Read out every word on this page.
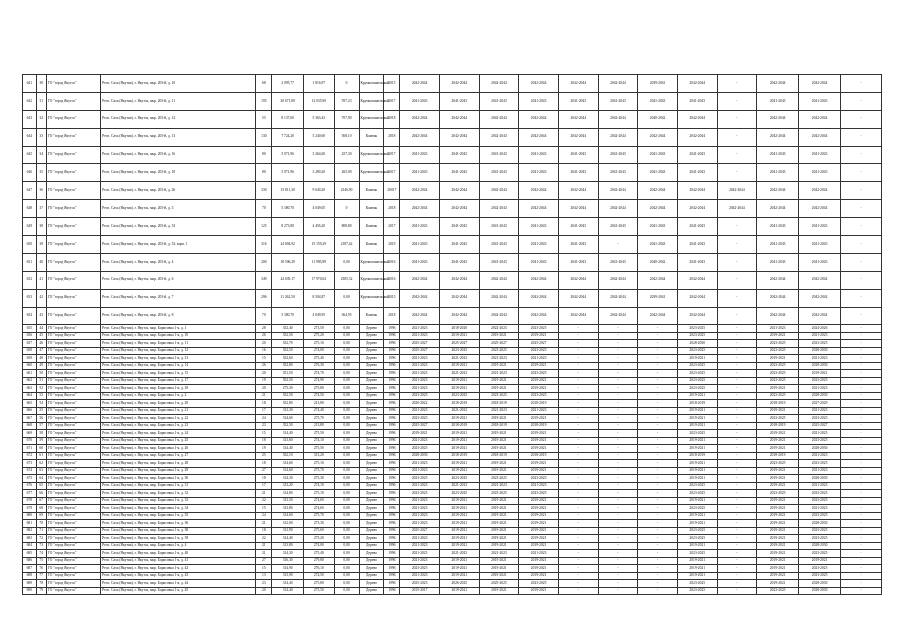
641	30	ГО "город Якутск"	Респ. Саха (Якутия), г. Якутск, мкр. 203-й, д. 10	68	2 095,77	1 816,97	0	Крупнопанельный	2015	2042-2044	2042-2044	2042-2044	2042-2044	2042-2044	2042-2044	2039-2041	2042-2044	-	2042-2044	2042-2044	-
642	31	ГО "город Якутск"	Респ. Саха (Якутия), г. Якутск, мкр. 203-й, д. 11	195	20 671,80	12 035,90	597,23	Крупнопанельный	2017	2041-2043	2041-2043	2041-2043	2041-2043	2041-2043	2041-2043	2041-2043	2041-2043	-	2041-2043	2041-2043	-
643	32	ГО "город Якутск"	Респ. Саха (Якутия), г. Якутск, мкр. 203-й, д. 12	55	8 137,60	5 363,43	707,90	Крупнопанельный	2018	2042-2044	2042-2044	2042-2044	2042-2044	2042-2044	2042-2044	2040-2042	2042-2044	-	2042-2044	2042-2044	-
644	33	ГО "город Якутск"	Респ. Саха (Якутия), г. Якутск, мкр. 203-й, д. 13	130	7 724,20	5 240,60	568,10	Камень	2018	2042-2044	2042-2044	2042-2044	2042-2044	2042-2044	2042-2044	2042-2044	2042-2044	-	2042-2044	2042-2044	-
645	34	ГО "город Якутск"	Респ. Саха (Якутия), г. Якутск, мкр. 203-й, д. 16	80	5 071,96	3 264,60	257,30	Крупнопанельный	2017	2041-2043	2041-2043	2041-2043	2041-2043	2041-2043	2041-2043	2041-2043	2041-2043	-	2041-2043	2041-2043	-
646	35	ГО "город Якутск"	Респ. Саха (Якутия), г. Якутск, мкр. 203-й, д. 18	80	5 071,96	3 280,20	265,00	Крупнопанельный	2017	2041-2043	2041-2043	2041-2043	2041-2043	2041-2043	2041-2043	2041-2043	2041-2043	-	2041-2043	2041-2043	-
647	36	ГО "город Якутск"	Респ. Саха (Якутия), г. Якутск, мкр. 203-й, д. 26	330	15 811,30	9 640,20	4146,90	Камень	20017	2042-2044	2042-2044	2042-2044	2042-2044	2042-2044	2042-2044	2042-2044	2042-2044	2042-2044	2042-2044	2042-2044	-
648	37	ГО "город Якутск"	Респ. Саха (Якутия), г. Якутск, мкр. 203-й, д. 3	70	5 380,70	4 049,05	0	Камень	2018	2042-2044	2042-2044	2042-2044	2042-2044	2042-2044	2042-2044	2042-2044	2042-2044	2042-2044	2042-2044	2042-2044	-
649	38	ГО "город Якутск"	Респ. Саха (Якутия), г. Якутск, мкр. 203-й, д. 33	125	8 273,80	4 456,20	808,80	Камень	2017	2041-2043	2041-2043	2041-2043	2041-2043	2041-2043	2041-2043	2041-2043	2041-2043	-	2041-2043	2041-2043	-
650	39	ГО "город Якутск"	Респ. Саха (Якутия), г. Якутск, мкр. 203-й, д. 33, корп. 1	316	24 694,92	15 159,29	2187,42	Камень	2019	2041-2043	2041-2043	2041-2043	2041-2043	2041-2043	-	2041-2043	2041-2043	-	2041-2043	2041-2043	-
651	40	ГО "город Якутск"	Респ. Саха (Якутия), г. Якутск, мкр. 203-й, д. 4	200	18 506,29	11 985,89	0,00	Крупнопанельный	2016	2041-2043	2041-2043	2041-2043	2041-2043	2041-2043	2041-2043	2040-2042	2041-2043	-	2041-2043	2041-2043	-
652	41	ГО "город Якутск"	Респ. Саха (Якутия), г. Якутск, мкр. 203-й, д. 6	349	24 639,17	17 970,04	2385,32	Крупнопанельный	2016	2042-2044	2042-2044	2042-2044	2042-2044	2042-2044	2042-2044	2042-2044	2042-2044	-	2042-2044	2042-2044	-
653	42	ГО "город Якутск"	Респ. Саха (Якутия), г. Якутск, мкр. 203-й, д. 7	296	11 262,50	8 504,87	0,00	Крупнопанельный	2015	2042-2044	2042-2044	2042-2044	2042-2044	2042-2044	2042-2044	2039-2041	2042-2044	-	2042-2044	2042-2044	-
654	43	ГО "город Якутск"	Респ. Саха (Якутия), г. Якутск, мкр. 203-й, д. 8	70	5 380,70	4 049,95	364,95	Камень	2018	2042-2044	2042-2044	2042-2044	2042-2044	2042-2044	2042-2044	2042-2044	2042-2044	-	2042-2044	2042-2044	-
655	44	ГО "город Якутск"	Респ. Саха (Якутия), г. Якутск, мкр. Борисовка 1-я, д. 1	28	352,40	273,50	0,00	Дерево	1996	2021-2023	2018-2020	2022-2023	2023-2025	-	-	-	2023-2025	-	2021-2023	2024-2026	-
656	45	ГО "город Якутск"	Респ. Саха (Якутия), г. Якутск, мкр. Борисовка 1-я, д. 10	26	352,50	275,20	0,00	Дерево	1996	2021-2023	2019-2021	2019-2021	2019-2021	-	-	-	2023-2025	-	2019-2021	2021-2023	-
657	46	ГО "город Якутск"	Респ. Саха (Якутия), г. Якутск, мкр. Борисовка 1-я, д. 11	20	352,70	275,10	0,00	Дерево	1996	2025-2027	2025-2027	2025-2027	2025-2027	-	-	-	2028-2030	-	2023-2025	2023-2025	-
658	47	ГО "город Якутск"	Респ. Саха (Якутия), г. Якутск, мкр. Борисовка 1-я, д. 12	16	352,50	274,00	0,00	Дерево	1996	2025-2027	2023-2025	2023-2025	2023-2025	-	-	-	2023-2025	-	2023-2025	2028-2030	-
659	48	ГО "город Якутск"	Респ. Саха (Якутия), г. Якутск, мкр. Борисовка 1-я, д. 13	15	352,60	275,40	0,00	Дерево	1996	2021-2023	2021-2023	2021-2023	2021-2023	-	-	-	2019-2021	-	2019-2021	2021-2023	-
660	49	ГО "город Якутск"	Респ. Саха (Якутия), г. Якутск, мкр. Борисовка 1-я, д. 14	26	352,80	276,30	0,00	Дерево	1996	2021-2023	2019-2021	2019-2021	2019-2021	-	-	-	2023-2025	-	2023-2025	2028-2030	-
661	50	ГО "город Якутск"	Респ. Саха (Якутия), г. Якутск, мкр. Борисовка 1-я, д. 15	20	351,50	274,70	0,00	Дерево	1996	2021-2023	2021-2023	2021-2023	2023-2025	-	-	-	2023-2025	-	2023-2025	2019-2021	-
662	51	ГО "город Якутск"	Респ. Саха (Якутия), г. Якутск, мкр. Борисовка 1-я, д. 17	19	352,50	274,90	0,00	Дерево	1996	2021-2023	2019-2021	2019-2021	2019-2021	-	-	-	2023-2025	-	2023-2025	2023-2025	-
663	52	ГО "город Якутск"	Респ. Саха (Якутия), г. Якутск, мкр. Борисовка 1-я, д. 18	20	275,30	275,80	0,00	Дерево	1996	2021-2023	2019-2021	2019-2021	2019-2021	-	-	-	2023-2025	-	2019-2021	2021-2023	-
664	53	ГО "город Якутск"	Респ. Саха (Якутия), г. Якутск, мкр. Борисовка 1-я, д. 2	21	352,50	274,50	0,00	Дерево	1996	2023-2025	2023-2025	2023-2025	2023-2025	-	-	-	2019-2021	-	2023-2025	2028-2030	-
665	54	ГО "город Якутск"	Респ. Саха (Якутия), г. Якутск, мкр. Борисовка 1-я, д. 20	18	352,80	213,80	0,00	Дерево	1996	2020-2022	2018-2019	2018-2019	2018-2019	-	-	-	2018-2019	-	2018-2019	2027-2029	-
666	55	ГО "город Якутск"	Респ. Саха (Якутия), г. Якутск, мкр. Борисовка 1-я, д. 21	17	313,30	274,40	0,00	Дерево	1996	2021-2023	2021-2023	2021-2023	2021-2023	-	-	-	2019-2021	-	2019-2021	2021-2023	-
667	56	ГО "город Якутск"	Респ. Саха (Якутия), г. Якутск, мкр. Борисовка 1-я, д. 22	24	314,60	275,70	0,00	Дерево	1996	2023-2025	2019-2021	2019-2021	2019-2021	-	-	-	2019-2021	-	2023-2025	2023-2025	-
668	57	ГО "город Якутск"	Респ. Саха (Якутия), г. Якутск, мкр. Борисовка 1-я, д. 23	23	352,50	213,80	0,00	Дерево	1996	2025-2027	2018-2019	2018-2019	2018-2019	-	-	-	2019-2021	-	2018-2019	2025-2027	-
669	58	ГО "город Якутск"	Респ. Саха (Якутия), г. Якутск, мкр. Борисовка 1-я, д. 24	15	314,40	275,50	0,00	Дерево	1996	2019-2021	2019-2021	2019-2021	2019-2021	-	-	-	2023-2025	-	2019-2021	2021-2023	-
670	59	ГО "город Якутск"	Респ. Саха (Якутия), г. Якутск, мкр. Борисовка 1-я, д. 25	18	313,60	274,10	0,00	Дерево	1996	2021-2023	2019-2021	2019-2021	2019-2021	-	-	-	2019-2021	-	2019-2021	2023-2025	-
671	60	ГО "город Якутск"	Респ. Саха (Якутия), г. Якутск, мкр. Борисовка 1-я, д. 26	19	314,40	275,50	0,00	Дерево	1996	2023-2025	2019-2021	2019-2021	2019-2021	-	-	-	2019-2021	-	2019-2021	2028-2030	-
672	61	ГО "город Якутск"	Респ. Саха (Якутия), г. Якутск, мкр. Борисовка 1-я, д. 27	25	352,10	313,20	0,00	Дерево	1996	2028-2030	2018-2019	2018-2019	2018-2019	-	-	-	2018-2019	-	2018-2019	2021-2023	-
673	62	ГО "город Якутск"	Респ. Саха (Якутия), г. Якутск, мкр. Борисовка 1-я, д. 28	18	314,60	275,10	0,00	Дерево	1996	2021-2023	2019-2021	2019-2021	2019-2021	-	-	-	2019-2021	-	2023-2025	2023-2025	-
674	63	ГО "город Якутск"	Респ. Саха (Якутия), г. Якутск, мкр. Борисовка 1-я, д. 29	27	314,60	275,70	0,00	Дерево	1996	2021-2023	2019-2021	2019-2021	2019-2021	-	-	-	2019-2021	-	2019-2021	2021-2023	-
675	64	ГО "город Якутск"	Респ. Саха (Якутия), г. Якутск, мкр. Борисовка 1-я, д. 30	18	314,30	275,30	0,00	Дерево	1996	2023-2025	2023-2025	2023-2025	2023-2025	-	-	-	2019-2021	-	2019-2021	2028-2030	-
676	65	ГО "город Якутск"	Респ. Саха (Якутия), г. Якутск, мкр. Борисовка 1-я, д. 31	17	313,20	274,10	0,00	Дерево	1996	2021-2023	2021-2023	2021-2023	2021-2023	-	-	-	2023-2025	-	2019-2021	2021-2023	-
677	66	ГО "город Якутск"	Респ. Саха (Якутия), г. Якутск, мкр. Борисовка 1-я, д. 32	21	314,80	275,10	0,00	Дерево	1996	2023-2025	2023-2025	2023-2025	2023-2025	-	-	-	2023-2025	-	2023-2025	2023-2025	-
678	67	ГО "город Якутск"	Респ. Саха (Якутия), г. Якутск, мкр. Борисовка 1-я, д. 33	22	313,50	274,60	0,00	Дерево	1996	2021-2023	2019-2021	2019-2021	2019-2021	-	-	-	2019-2021	-	2019-2021	2023-2025	-
679	68	ГО "город Якутск"	Респ. Саха (Якутия), г. Якутск, мкр. Борисовка 1-я, д. 34	15	313,80	274,60	0,00	Дерево	1996	2021-2023	2019-2021	2019-2021	2019-2021	-	-	-	2023-2025	-	2019-2021	2021-2023	-
680	69	ГО "город Якутск"	Респ. Саха (Якутия), г. Якутск, мкр. Борисовка 1-я, д. 35	24	314,60	275,70	0,00	Дерево	1996	2021-2023	2019-2021	2019-2021	2019-2021	-	-	-	2019-2021	-	2019-2021	2023-2025	-
681	70	ГО "город Якутск"	Респ. Саха (Якутия), г. Якутск, мкр. Борисовка 1-я, д. 36	21	312,00	273,30	0,00	Дерево	1996	2021-2023	2019-2021	2019-2021	2019-2021	-	-	-	2019-2021	-	2019-2021	2028-2030	-
682	71	ГО "город Якутск"	Респ. Саха (Якутия), г. Якутск, мкр. Борисовка 1-я, д. 38	18	313,90	275,60	0,00	Дерево	1996	2025-2027	2019-2021	2019-2021	2019-2021	-	-	-	2023-2025	-	2019-2021	2023-2025	-
683	72	ГО "город Якутск"	Респ. Саха (Якутия), г. Якутск, мкр. Борисовка 1-я, д. 39	22	314,40	275,20	0,00	Дерево	1996	2021-2023	2019-2021	2019-2021	2019-2021	-	-	-	2023-2025	-	2019-2021	2023-2025	-
684	73	ГО "город Якутск"	Респ. Саха (Якутия), г. Якутск, мкр. Борисовка 1-я, д. 4	21	313,80	274,00	0,00	Дерево	1996	2021-2023	2019-2021	2019-2021	2019-2021	-	-	-	2019-2021	-	2019-2021	2028-2030	-
685	74	ГО "город Якутск"	Респ. Саха (Якутия), г. Якутск, мкр. Борисовка 1-я, д. 40	21	314,30	275,40	0,00	Дерево	1996	2021-2023	2021-2023	2021-2023	2021-2023	-	-	-	2023-2025	-	2019-2021	2023-2025	-
686	75	ГО "город Якутск"	Респ. Саха (Якутия), г. Якутск, мкр. Борисовка 1-я, д. 41	27	316,30	279,80	0,00	Дерево	1996	2021-2023	2019-2021	2019-2021	2019-2021	-	-	-	2019-2021	-	2019-2021	2019-2021	-
687	76	ГО "город Якутск"	Респ. Саха (Якутия), г. Якутск, мкр. Борисовка 1-я, д. 42	15	314,90	276,10	0,00	Дерево	1996	2023-2025	2019-2021	2019-2021	2019-2021	-	-	-	2019-2021	-	2019-2021	2023-2025	-
688	77	ГО "город Якутск"	Респ. Саха (Якутия), г. Якутск, мкр. Борисовка 1-я, д. 43	13	313,90	274,50	0,00	Дерево	1996	2021-2023	2019-2021	2019-2021	2019-2021	-	-	-	2019-2021	-	2019-2021	2023-2025	-
689	78	ГО "город Якутск"	Респ. Саха (Якутия), г. Якутск, мкр. Борисовка 1-я, д. 44	23	314,40	275,80	0,00	Дерево	1996	2025-2023	2026-2025	2025-2025	2023-2025	-	-	-	2023-2025	-	2019-2021	2028-2030	-
690	79	ГО "город Якутск"	Респ. Саха (Якутия), г. Якутск, мкр. Борисовка 1-я, д. 45	20	314,40	275,50	0,00	Дерево	1996	2015-2017	2019-2021	2019-2021	2019-2021	-	-	-	2023-2025	-	2023-2025	2028-2030	-
